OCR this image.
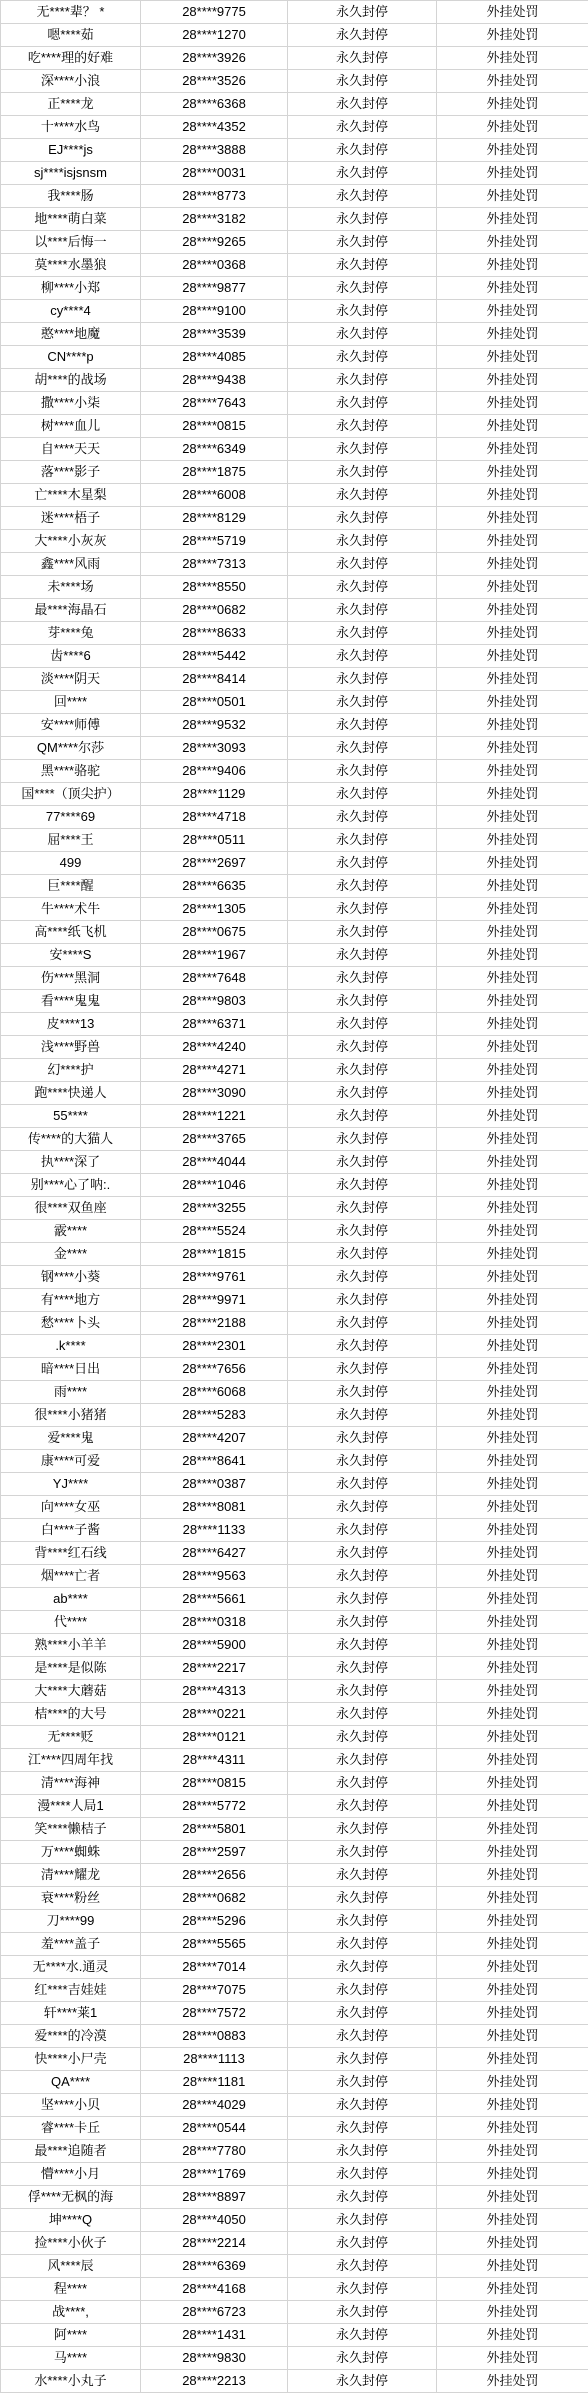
无****辈？ *	28****9775	永久封停	外挂处罚
嗯****茹	28****1270	永久封停	外挂处罚
吃****理的好难	28****3926	永久封停	外挂处罚
深****小浪	28****3526	永久封停	外挂处罚
正****龙	28****6368	永久封停	外挂处罚
十****水鸟	28****4352	永久封停	外挂处罚
EJ****js	28****3888	永久封停	外挂处罚
sj****isjsnsm	28****0031	永久封停	外挂处罚
我****肠	28****8773	永久封停	外挂处罚
地****萌白菜	28****3182	永久封停	外挂处罚
以****后悔一	28****9265	永久封停	外挂处罚
莫****水墨狼	28****0368	永久封停	外挂处罚
柳****小郑	28****9877	永久封停	外挂处罚
cy****4	28****9100	永久封停	外挂处罚
憨****地魔	28****3539	永久封停	外挂处罚
CN****p	28****4085	永久封停	外挂处罚
胡****的战场	28****9438	永久封停	外挂处罚
撒****小柒	28****7643	永久封停	外挂处罚
树****血儿	28****0815	永久封停	外挂处罚
自****天天	28****6349	永久封停	外挂处罚
落****影子	28****1875	永久封停	外挂处罚
亡****木星梨	28****6008	永久封停	外挂处罚
迷****梧子	28****8129	永久封停	外挂处罚
大****小灰灰	28****5719	永久封停	外挂处罚
鑫****风雨	28****7313	永久封停	外挂处罚
未****场	28****8550	永久封停	外挂处罚
最****海晶石	28****0682	永久封停	外挂处罚
芽****兔	28****8633	永久封停	外挂处罚
齿****6	28****5442	永久封停	外挂处罚
淡****阴天	28****8414	永久封停	外挂处罚
回****	28****0501	永久封停	外挂处罚
安****师傅	28****9532	永久封停	外挂处罚
QM****尔莎	28****3093	永久封停	外挂处罚
黑****骆驼	28****9406	永久封停	外挂处罚
国****（顶尖护）	28****1129	永久封停	外挂处罚
77****69	28****4718	永久封停	外挂处罚
屈****王	28****0511	永久封停	外挂处罚
499	28****2697	永久封停	外挂处罚
巨****醒	28****6635	永久封停	外挂处罚
牛****术牛	28****1305	永久封停	外挂处罚
高****纸飞机	28****0675	永久封停	外挂处罚
安****S	28****1967	永久封停	外挂处罚
伤****黑洞	28****7648	永久封停	外挂处罚
看****鬼鬼	28****9803	永久封停	外挂处罚
皮****13	28****6371	永久封停	外挂处罚
浅****野兽	28****4240	永久封停	外挂处罚
幻****护	28****4271	永久封停	外挂处罚
跑****快递人	28****3090	永久封停	外挂处罚
55****	28****1221	永久封停	外挂处罚
传****的大猫人	28****3765	永久封停	外挂处罚
执****深了	28****4044	永久封停	外挂处罚
别****心了呐:.	28****1046	永久封停	外挂处罚
很****双鱼座	28****3255	永久封停	外挂处罚
霰****	28****5524	永久封停	外挂处罚
金****	28****1815	永久封停	外挂处罚
钢****小葵	28****9761	永久封停	外挂处罚
有****地方	28****9971	永久封停	外挂处罚
愁****卜头	28****2188	永久封停	外挂处罚
.k****	28****2301	永久封停	外挂处罚
暗****日出	28****7656	永久封停	外挂处罚
雨****	28****6068	永久封停	外挂处罚
很****小猪猪	28****5283	永久封停	外挂处罚
爱****鬼	28****4207	永久封停	外挂处罚
康****可爱	28****8641	永久封停	外挂处罚
YJ****	28****0387	永久封停	外挂处罚
向****女巫	28****8081	永久封停	外挂处罚
白****子酱	28****1133	永久封停	外挂处罚
背****红石线	28****6427	永久封停	外挂处罚
烟****亡者	28****9563	永久封停	外挂处罚
ab****	28****5661	永久封停	外挂处罚
代****	28****0318	永久封停	外挂处罚
熟****小羊羊	28****5900	永久封停	外挂处罚
是****是似陈	28****2217	永久封停	外挂处罚
大****大蘑菇	28****4313	永久封停	外挂处罚
桔****的大号	28****0221	永久封停	外挂处罚
无****贬	28****0121	永久封停	外挂处罚
江****四周年找	28****4311	永久封停	外挂处罚
清****海神	28****0815	永久封停	外挂处罚
漫****人局1	28****5772	永久封停	外挂处罚
笑****懒桔子	28****5801	永久封停	外挂处罚
万****蜘蛛	28****2597	永久封停	外挂处罚
清****耀龙	28****2656	永久封停	外挂处罚
衰****粉丝	28****0682	永久封停	外挂处罚
刀****99	28****5296	永久封停	外挂处罚
羞****盖子	28****5565	永久封停	外挂处罚
无****水.通灵	28****7014	永久封停	外挂处罚
红****吉娃娃	28****7075	永久封停	外挂处罚
轩****莱1	28****7572	永久封停	外挂处罚
爱****的冷漠	28****0883	永久封停	外挂处罚
快****小尸壳	28****1113	永久封停	外挂处罚
QA****	28****1181	永久封停	外挂处罚
坚****小贝	28****4029	永久封停	外挂处罚
睿****卡丘	28****0544	永久封停	外挂处罚
最****追随者	28****7780	永久封停	外挂处罚
懵****小月	28****1769	永久封停	外挂处罚
俘****无枫的海	28****8897	永久封停	外挂处罚
坤****Q	28****4050	永久封停	外挂处罚
捡****小伙子	28****2214	永久封停	外挂处罚
风****辰	28****6369	永久封停	外挂处罚
程****	28****4168	永久封停	外挂处罚
战****,	28****6723	永久封停	外挂处罚
阿****	28****1431	永久封停	外挂处罚
马****	28****9830	永久封停	外挂处罚
水****小丸子	28****2213	永久封停	外挂处罚
